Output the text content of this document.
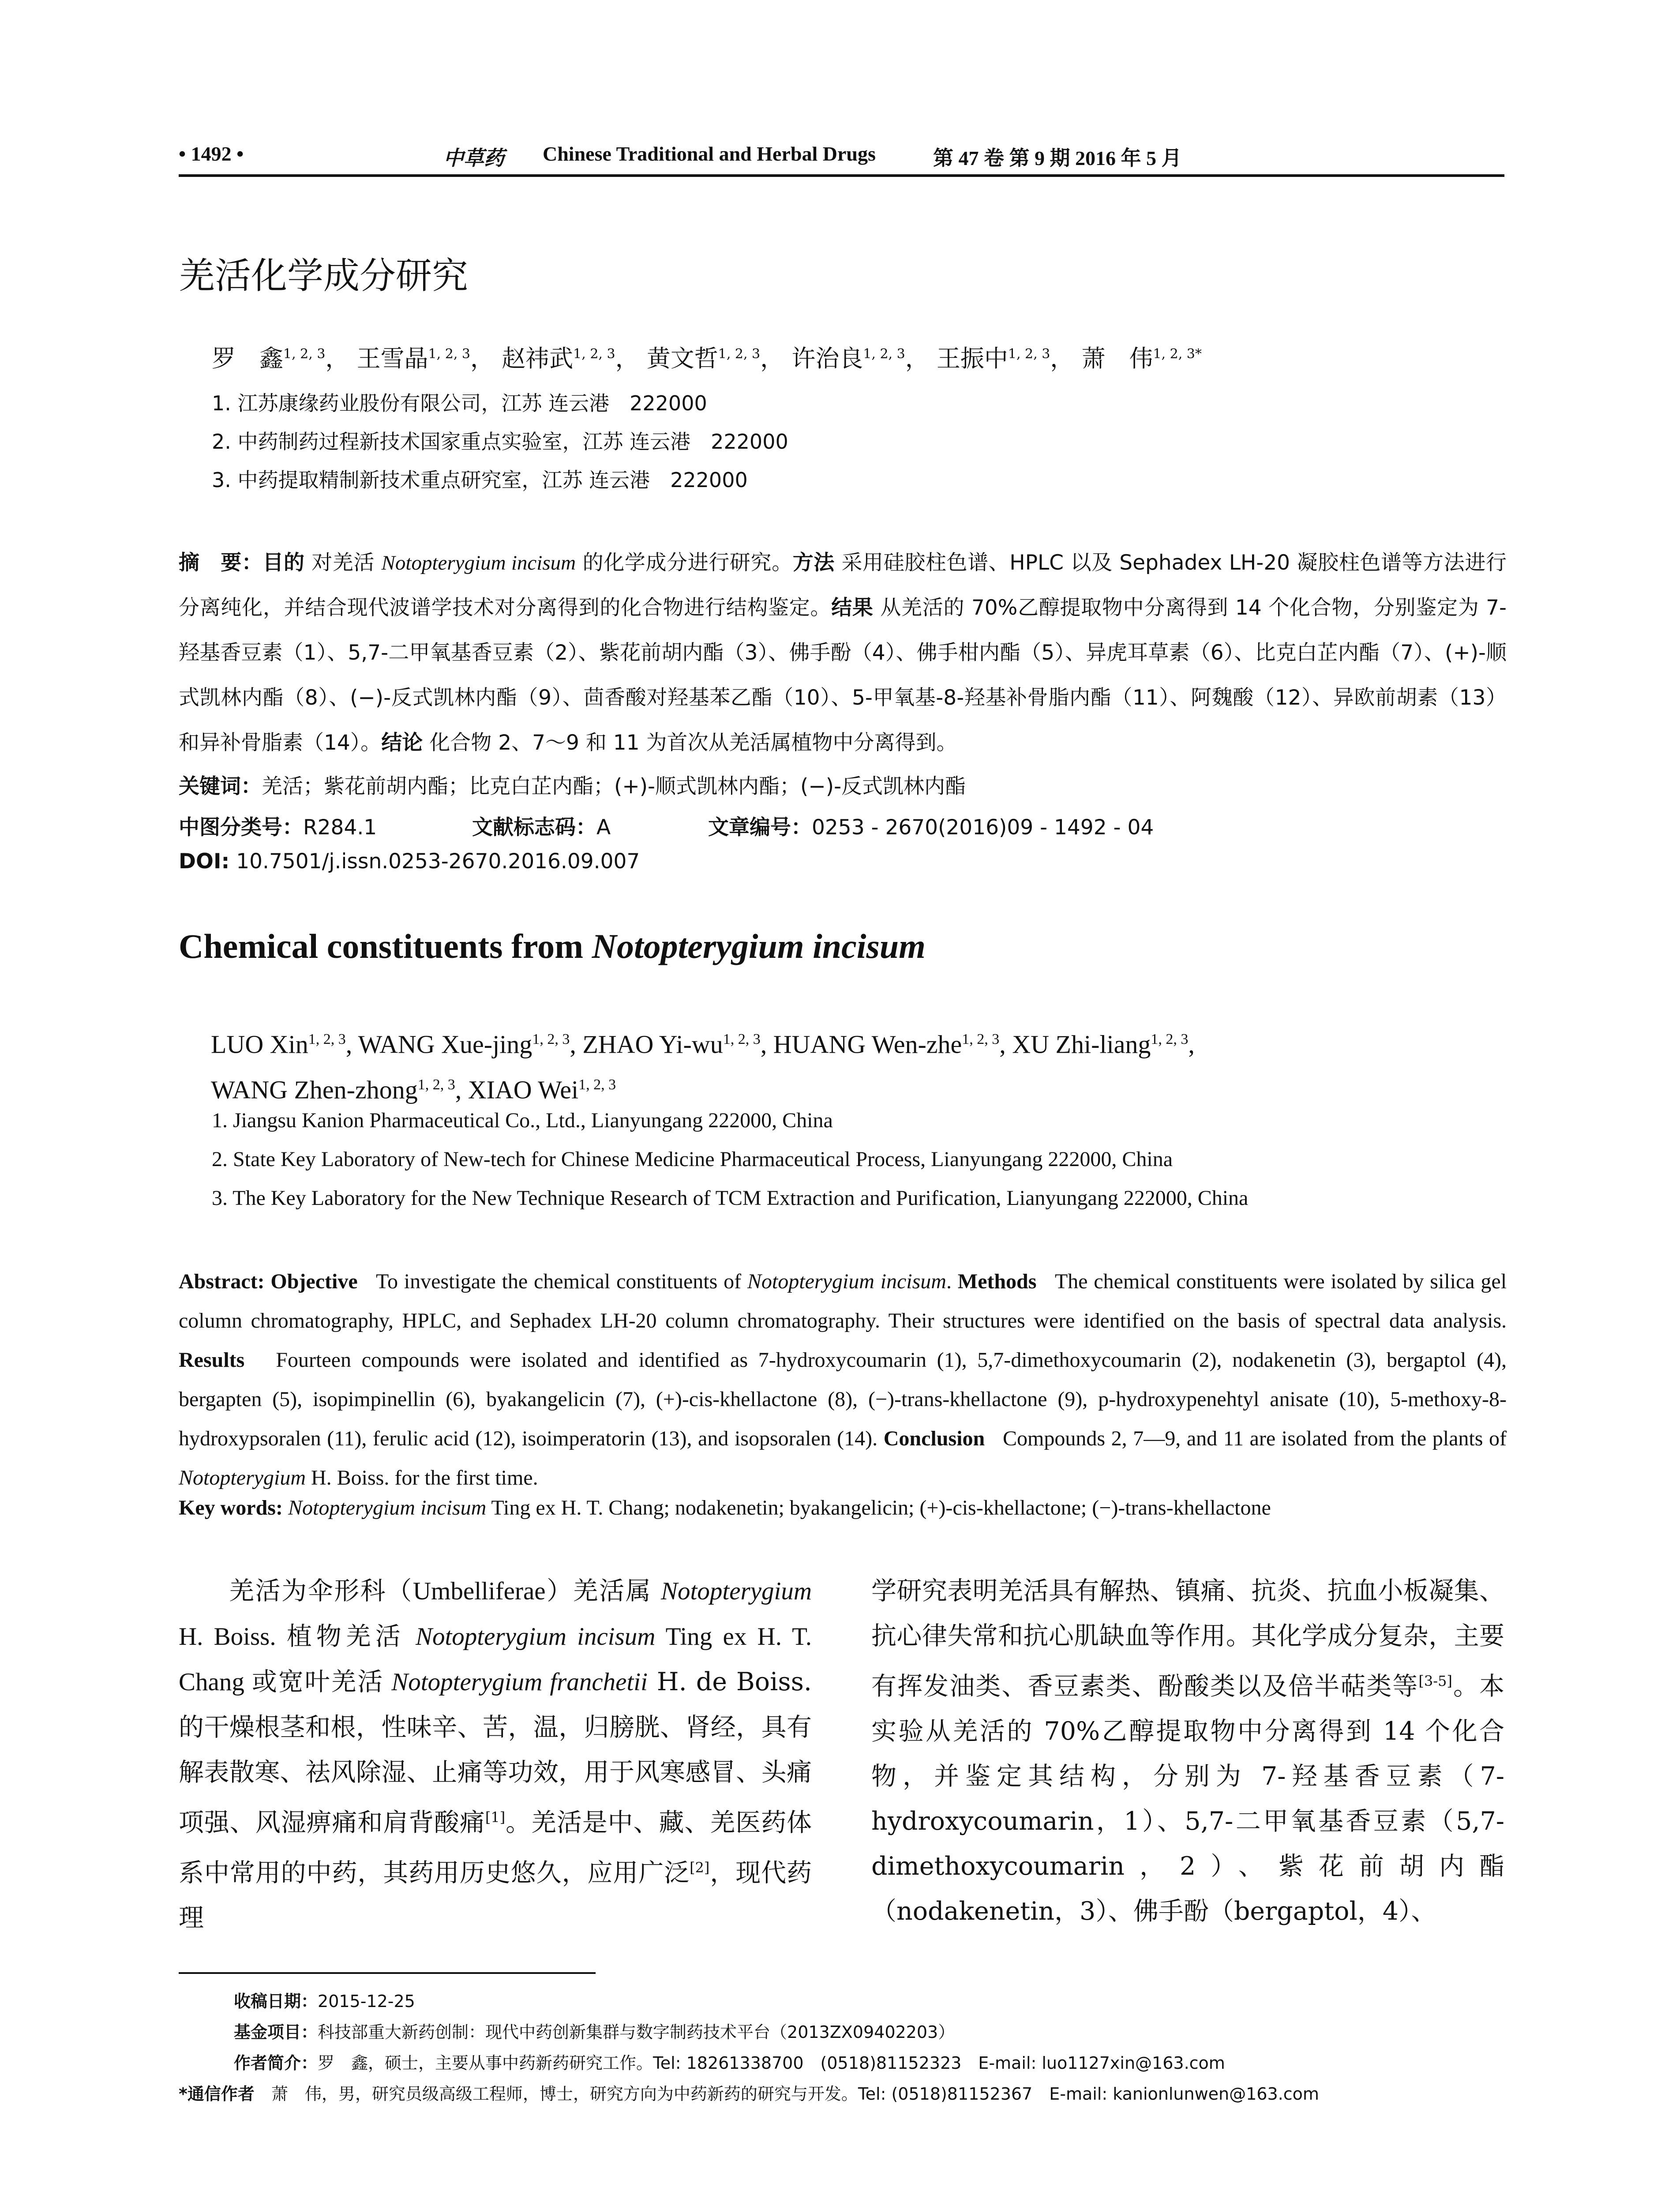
• 1492 •	中草药 Chinese Traditional and Herbal Drugs	第 47 卷 第 9 期 2016 年 5 月
羌活化学成分研究
罗　鑫$^{1, 2, 3}$， 王雪晶$^{1, 2, 3}$， 赵祎武$^{1, 2, 3}$， 黄文哲$^{1, 2, 3}$， 许治良$^{1, 2, 3}$， 王振中$^{1, 2, 3}$， 萧　伟$^{1, 2, 3*}$
1. 江苏康缘药业股份有限公司，江苏 连云港　222000
2. 中药制药过程新技术国家重点实验室，江苏 连云港　222000
3. 中药提取精制新技术重点研究室，江苏 连云港　222000
摘　要：目的 对羌活 Notopterygium incisum 的化学成分进行研究。方法 采用硅胶柱色谱、HPLC 以及 Sephadex LH-20 凝胶柱色谱等方法进行分离纯化，并结合现代波谱学技术对分离得到的化合物进行结构鉴定。结果 从羌活的 70%乙醇提取物中分离得到 14 个化合物，分别鉴定为 7-羟基香豆素（1）、5,7-二甲氧基香豆素（2）、紫花前胡内酯（3）、佛手酚（4）、佛手柑内酯（5）、异虎耳草素（6）、比克白芷内酯（7）、(+)-顺式凯林内酯（8）、(−)-反式凯林内酯（9）、茴香酸对羟基苯乙酯（10）、5-甲氧基-8-羟基补骨脂内酯（11）、阿魏酸（12）、异欧前胡素（13）和异补骨脂素（14）。结论 化合物 2、7～9 和 11 为首次从羌活属植物中分离得到。
关键词：羌活；紫花前胡内酯；比克白芷内酯；(+)-顺式凯林内酯；(−)-反式凯林内酯
中图分类号：R284.1	文献标志码：A	文章编号：0253 - 2670(2016)09 - 1492 - 04
DOI: 10.7501/j.issn.0253-2670.2016.09.007
Chemical constituents from Notopterygium incisum
LUO Xin$^{1, 2, 3}$, WANG Xue-jing$^{1, 2, 3}$, ZHAO Yi-wu$^{1, 2, 3}$, HUANG Wen-zhe$^{1, 2, 3}$, XU Zhi-liang$^{1, 2, 3}$,
WANG Zhen-zhong$^{1, 2, 3}$, XIAO Wei$^{1, 2, 3}$
1. Jiangsu Kanion Pharmaceutical Co., Ltd., Lianyungang 222000, China
2. State Key Laboratory of New-tech for Chinese Medicine Pharmaceutical Process, Lianyungang 222000, China
3. The Key Laboratory for the New Technique Research of TCM Extraction and Purification, Lianyungang 222000, China
Abstract: Objective To investigate the chemical constituents of Notopterygium incisum. Methods The chemical constituents were isolated by silica gel column chromatography, HPLC, and Sephadex LH-20 column chromatography. Their structures were identified on the basis of spectral data analysis. Results Fourteen compounds were isolated and identified as 7-hydroxycoumarin (1), 5,7-dimethoxycoumarin (2), nodakenetin (3), bergaptol (4), bergapten (5), isopimpinellin (6), byakangelicin (7), (+)-cis-khellactone (8), (−)-trans-khellactone (9), p-hydroxypenehtyl anisate (10), 5-methoxy-8-hydroxypsoralen (11), ferulic acid (12), isoimperatorin (13), and isopsoralen (14). Conclusion Compounds 2, 7—9, and 11 are isolated from the plants of Notopterygium H. Boiss. for the first time.
Key words: Notopterygium incisum Ting ex H. T. Chang; nodakenetin; byakangelicin; (+)-cis-khellactone; (−)-trans-khellactone
羌活为伞形科（Umbelliferae）羌活属 Notopterygium H. Boiss. 植物羌活 Notopterygium incisum Ting ex H. T. Chang 或宽叶羌活 Notopterygium franchetii H. de Boiss. 的干燥根茎和根，性味辛、苦，温，归膀胱、肾经，具有解表散寒、祛风除湿、止痛等功效，用于风寒感冒、头痛项强、风湿痹痛和肩背酸痛[1]。羌活是中、藏、羌医药体系中常用的中药，其药用历史悠久，应用广泛[2]，现代药理
学研究表明羌活具有解热、镇痛、抗炎、抗血小板凝集、抗心律失常和抗心肌缺血等作用。其化学成分复杂，主要有挥发油类、香豆素类、酚酸类以及倍半萜类等[3-5]。本实验从羌活的 70%乙醇提取物中分离得到 14 个化合物，并鉴定其结构，分别为 7-羟基香豆素（7-hydroxycoumarin，1）、5,7-二甲氧基香豆素（5,7-dimethoxycoumarin，2）、紫花前胡内酯（nodakenetin，3）、佛手酚（bergaptol，4）、
收稿日期：2015-12-25
基金项目：科技部重大新药创制：现代中药创新集群与数字制药技术平台（2013ZX09402203）
作者简介：罗　鑫，硕士，主要从事中药新药研究工作。Tel: 18261338700　(0518)81152323　E-mail: luo1127xin@163.com
*通信作者　萧　伟，男，研究员级高级工程师，博士，研究方向为中药新药的研究与开发。Tel: (0518)81152367　E-mail: kanionlunwen@163.com
